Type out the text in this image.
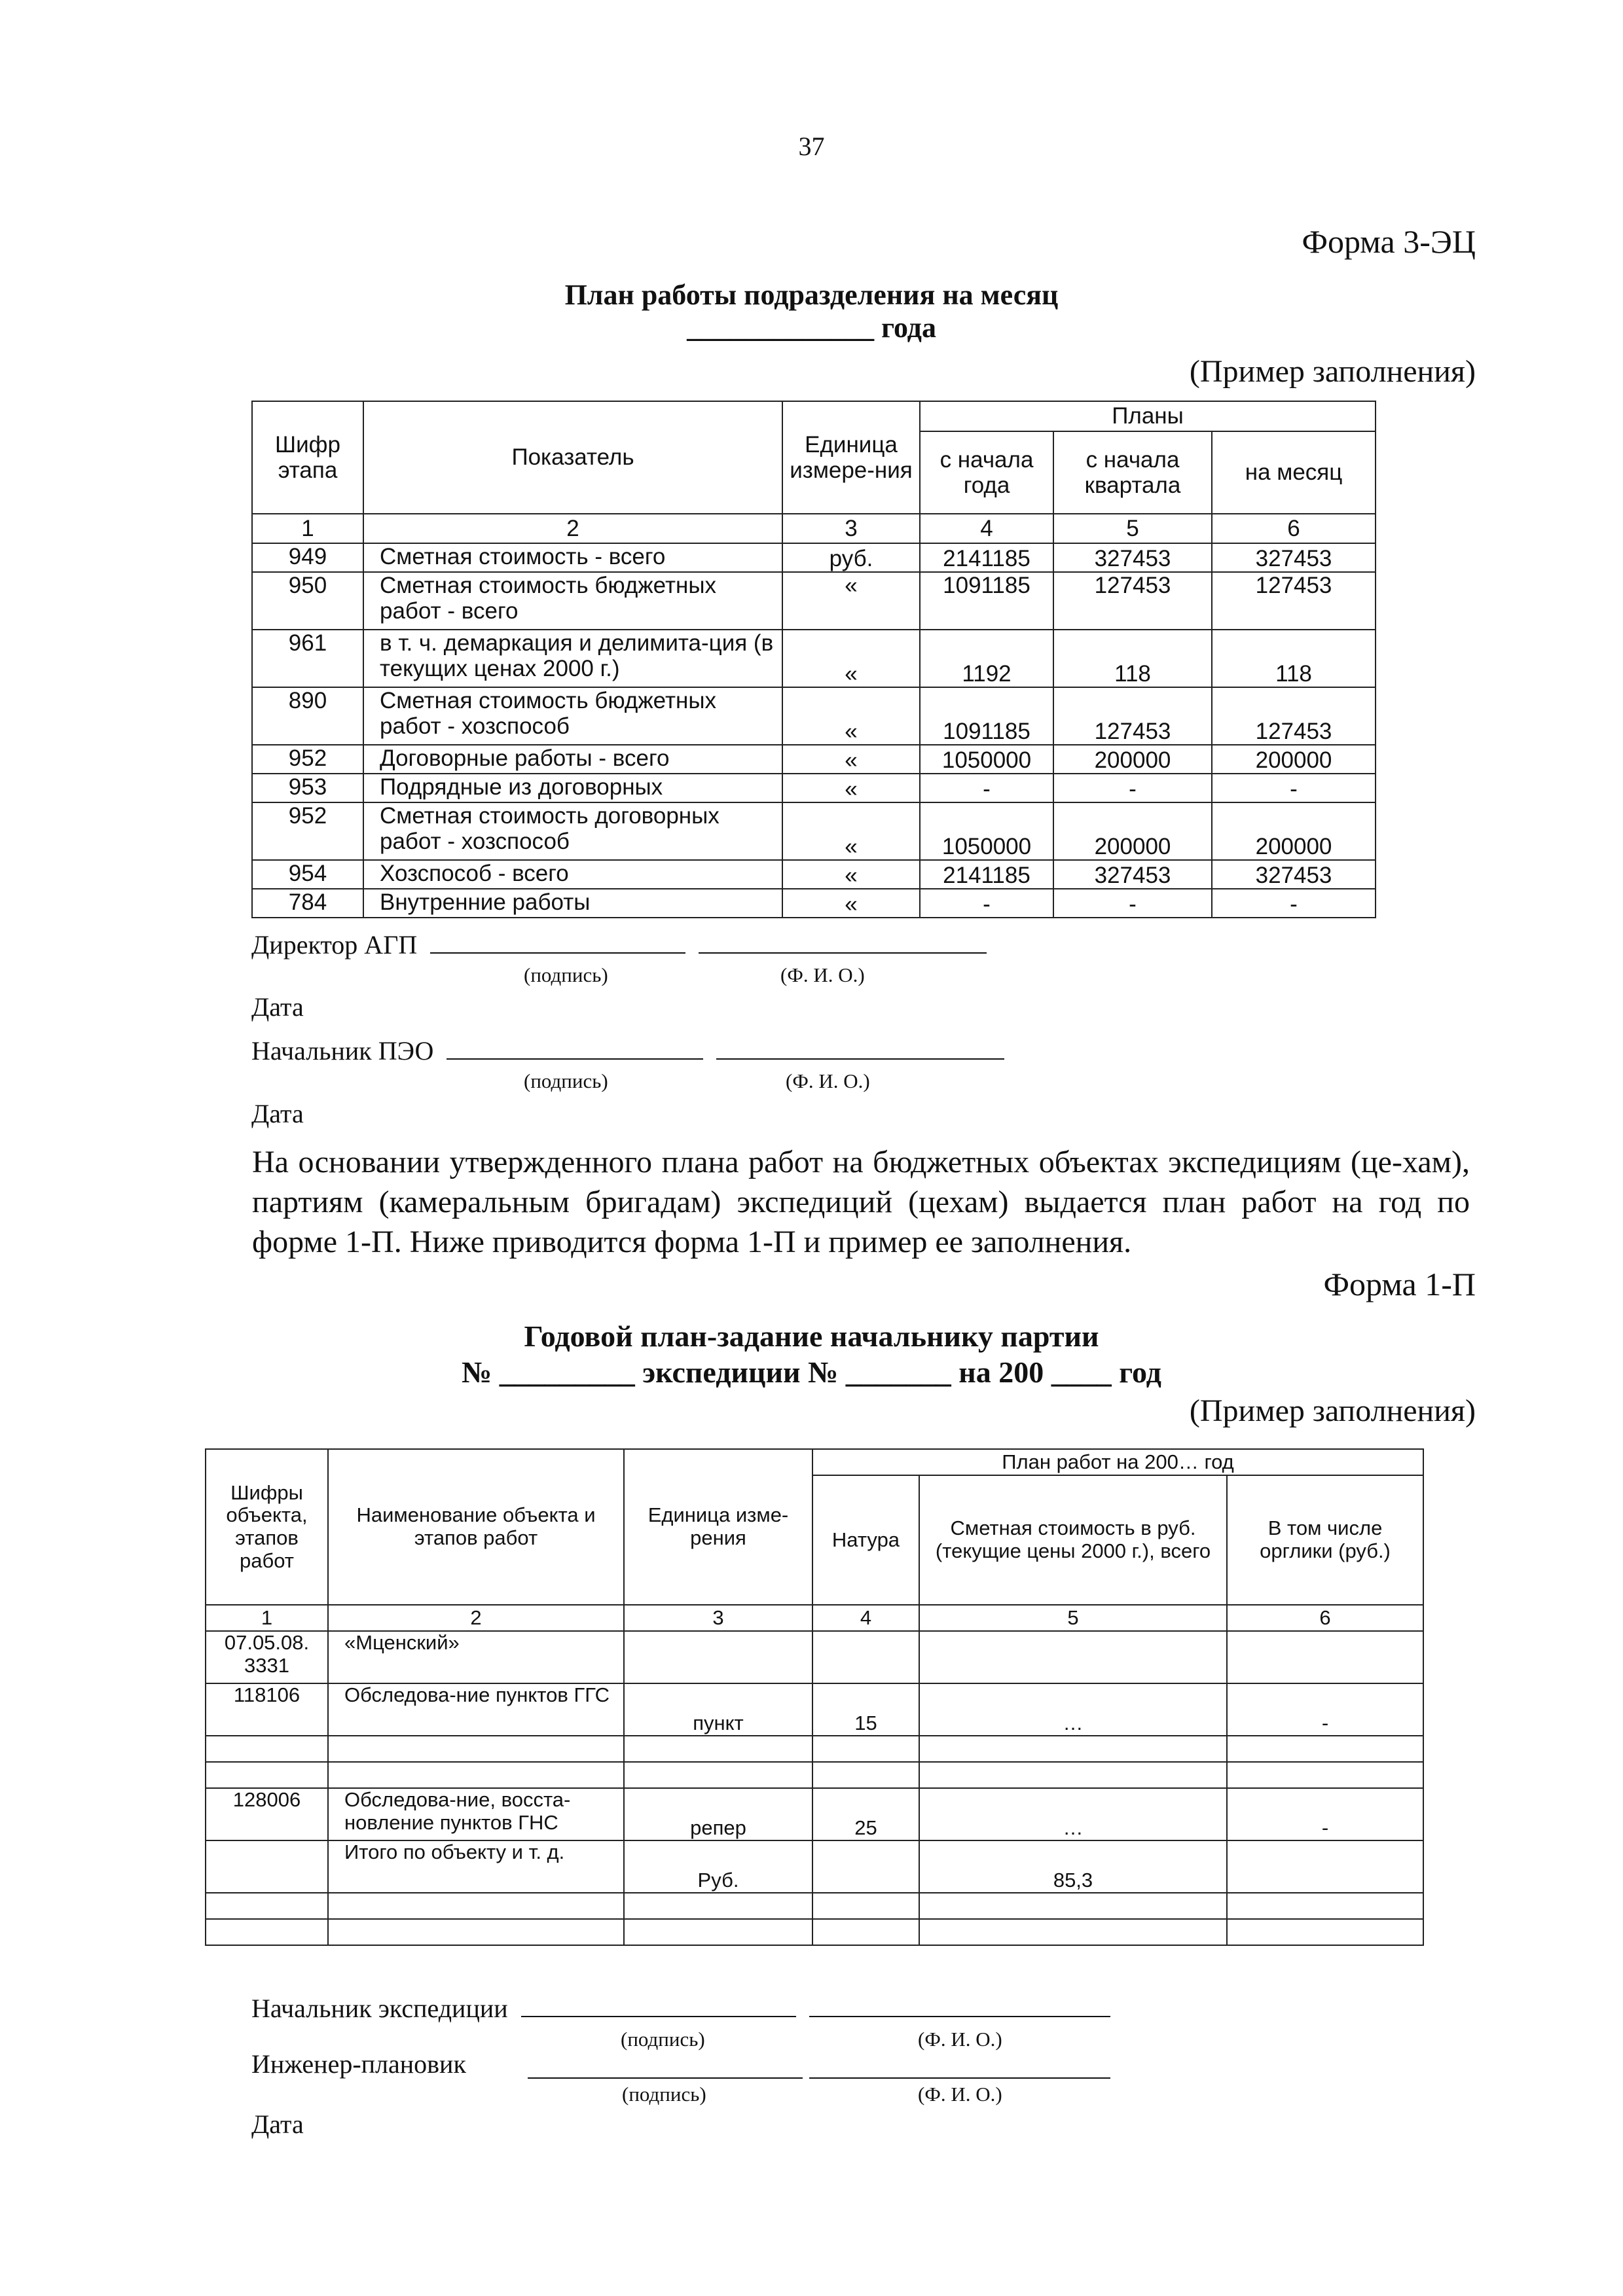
37
Форма 3-ЭЦ
План работы подразделения на месяц
_____________ года
(Пример заполнения)
Шифр этапа	Показатель	Единица измере-ния	Планы		
			с начала года	с начала квартала	на месяц
1	2	3	4	5	6
949	Сметная стоимость - всего	руб.	2141185	327453	327453
950	Сметная стоимость бюджетных работ - всего	«	1091185	127453	127453
961	в т. ч. демаркация и делимита-ция (в текущих ценах 2000 г.)	«	1192	118	118
890	Сметная стоимость бюджетных работ - хозспособ	«	1091185	127453	127453
952	Договорные работы - всего	«	1050000	200000	200000
953	Подрядные из договорных	«	-	-	-
952	Сметная стоимость договорных работ - хозспособ	«	1050000	200000	200000
954	Хозспособ - всего	«	2141185	327453	327453
784	Внутренние работы	«	-	-	-
Директор АГП
(подпись)	(Ф. И. О.)
Дата
Начальник ПЭО
(подпись)	(Ф. И. О.)
Дата
На основании утвержденного плана работ на бюджетных объектах экспедициям (це-хам), партиям (камеральным бригадам) экспедиций (цехам) выдается план работ на год по форме 1-П. Ниже приводится форма 1-П и пример ее заполнения.
Форма 1-П
Годовой план-задание начальнику партии
№ _________ экспедиции № _______ на 200 ____ год
(Пример заполнения)
Шифры объекта, этапов работ	Наименование объекта и этапов работ	Единица изме-рения	План работ на 200… год		
			Натура	Сметная стоимость в руб. (текущие цены 2000 г.), всего	В том числе орглики (руб.)
1	2	3	4	5	6
07.05.08. 3331	«Мценский»				
118106	Обследова-ние пунктов ГГС	пункт	15	…	-

128006	Обследова-ние, восста-новление пунктов ГНС	репер	25	…	-
	Итого по объекту и т. д.	Руб.		85,3	

Начальник экспедиции
(подпись)	(Ф. И. О.)
Инженер-плановик
(подпись)	(Ф. И. О.)
Дата
